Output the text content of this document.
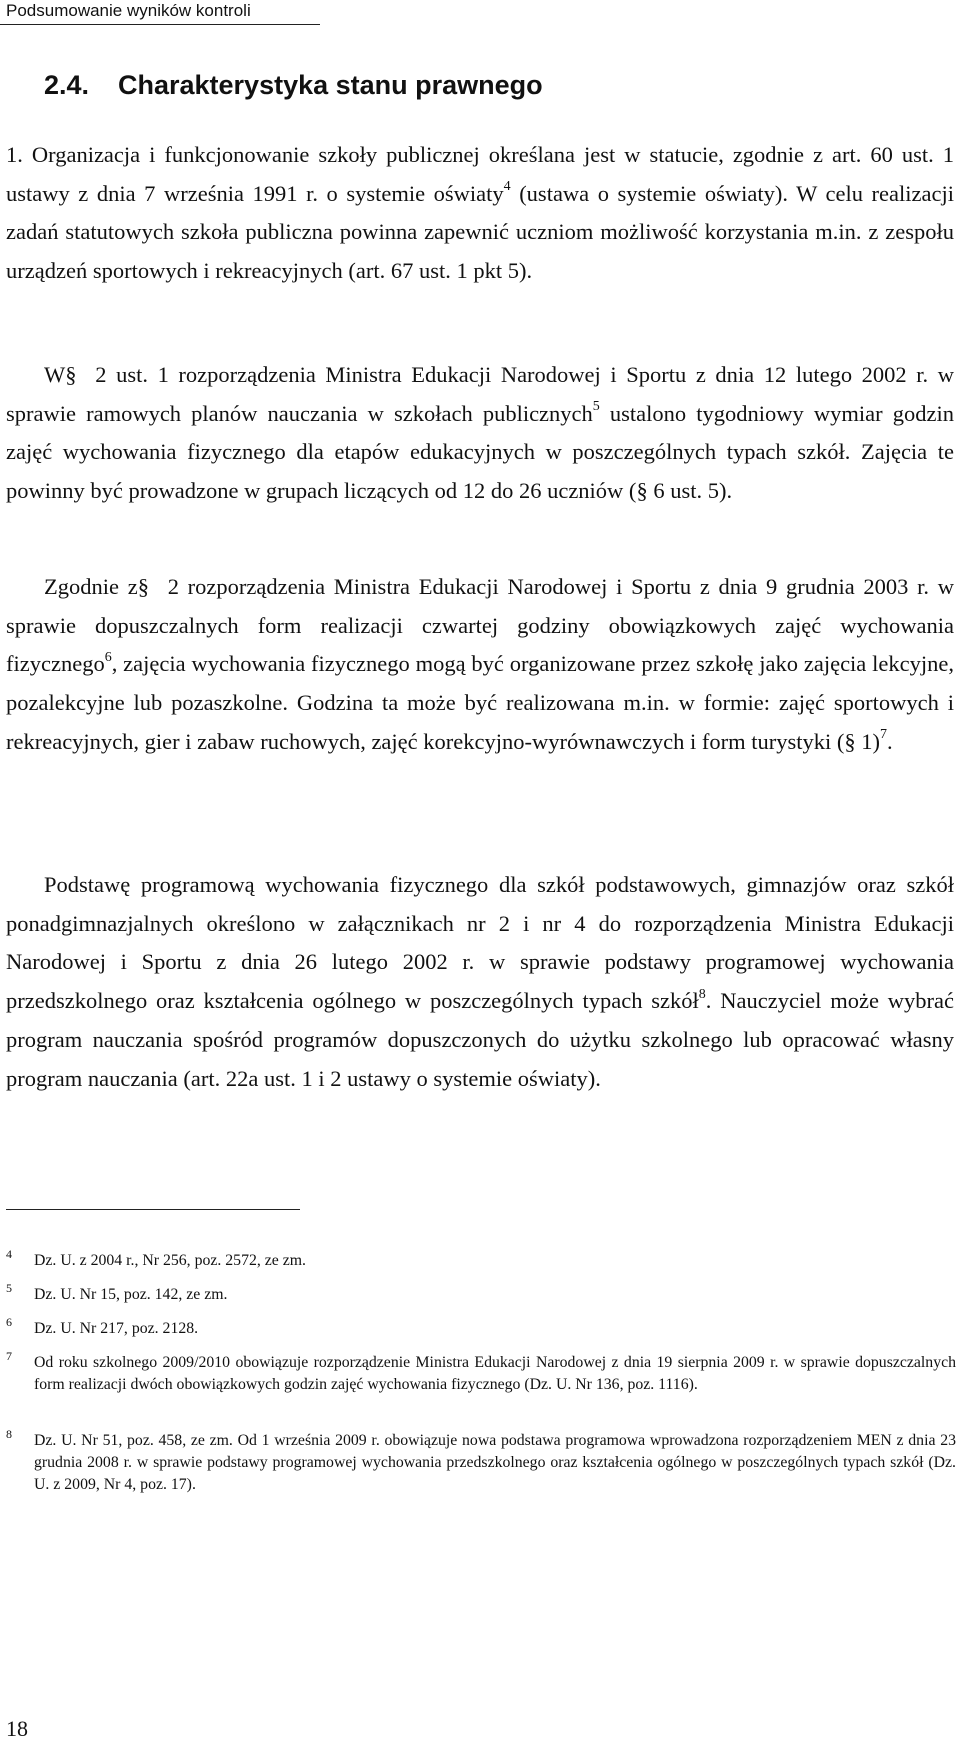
Podsumowanie wyników kontroli
2.4. Charakterystyka stanu prawnego

1. Organizacja i funkcjonowanie szkoły publicznej określana jest w statucie, zgodnie z art. 60 ust. 1 ustawy z dnia 7 września 1991 r. o systemie oświaty$^4$ (ustawa o systemie oświaty). W celu realizacji zadań statutowych szkoła publiczna powinna zapewnić uczniom możliwość korzystania m.in. z zespołu urządzeń sportowych i rekreacyjnych (art. 67 ust. 1 pkt 5).

W§ 2 ust. 1 rozporządzenia Ministra Edukacji Narodowej i Sportu z dnia 12 lutego 2002 r. w sprawie ramowych planów nauczania w szkołach publicznych$^5$ ustalono tygodniowy wymiar godzin zajęć wychowania fizycznego dla etapów edukacyjnych w poszczególnych typach szkół. Zajęcia te powinny być prowadzone w grupach liczących od 12 do 26 uczniów (§ 6 ust. 5).

Zgodnie z§ 2 rozporządzenia Ministra Edukacji Narodowej i Sportu z dnia 9 grudnia 2003 r. w sprawie dopuszczalnych form realizacji czwartej godziny obowiązkowych zajęć wychowania fizycznego$^6$, zajęcia wychowania fizycznego mogą być organizowane przez szkołę jako zajęcia lekcyjne, pozalekcyjne lub pozaszkolne. Godzina ta może być realizowana m.in. w formie: zajęć sportowych i rekreacyjnych, gier i zabaw ruchowych, zajęć korekcyjno-wyrównawczych i form turystyki (§ 1)$^7$.

Podstawę programową wychowania fizycznego dla szkół podstawowych, gimnazjów oraz szkół ponadgimnazjalnych określono w załącznikach nr 2 i nr 4 do rozporządzenia Ministra Edukacji Narodowej i Sportu z dnia 26 lutego 2002 r. w sprawie podstawy programowej wychowania przedszkolnego oraz kształcenia ogólnego w poszczególnych typach szkół$^8$. Nauczyciel może wybrać program nauczania spośród programów dopuszczonych do użytku szkolnego lub opracować własny program nauczania (art. 22a ust. 1 i 2 ustawy o systemie oświaty).

4 Dz. U. z 2004 r., Nr 256, poz. 2572, ze zm.
5 Dz. U. Nr 15, poz. 142, ze zm.
6 Dz. U. Nr 217, poz. 2128.
7 Od roku szkolnego 2009/2010 obowiązuje rozporządzenie Ministra Edukacji Narodowej z dnia 19 sierpnia 2009 r. w sprawie dopuszczalnych form realizacji dwóch obowiązkowych godzin zajęć wychowania fizycznego (Dz. U. Nr 136, poz. 1116).
8 Dz. U. Nr 51, poz. 458, ze zm. Od 1 września 2009 r. obowiązuje nowa podstawa programowa wprowadzona rozporządzeniem MEN z dnia 23 grudnia 2008 r. w sprawie podstawy programowej wychowania przedszkolnego oraz kształcenia ogólnego w poszczególnych typach szkół (Dz. U. z 2009, Nr 4, poz. 17).
18
